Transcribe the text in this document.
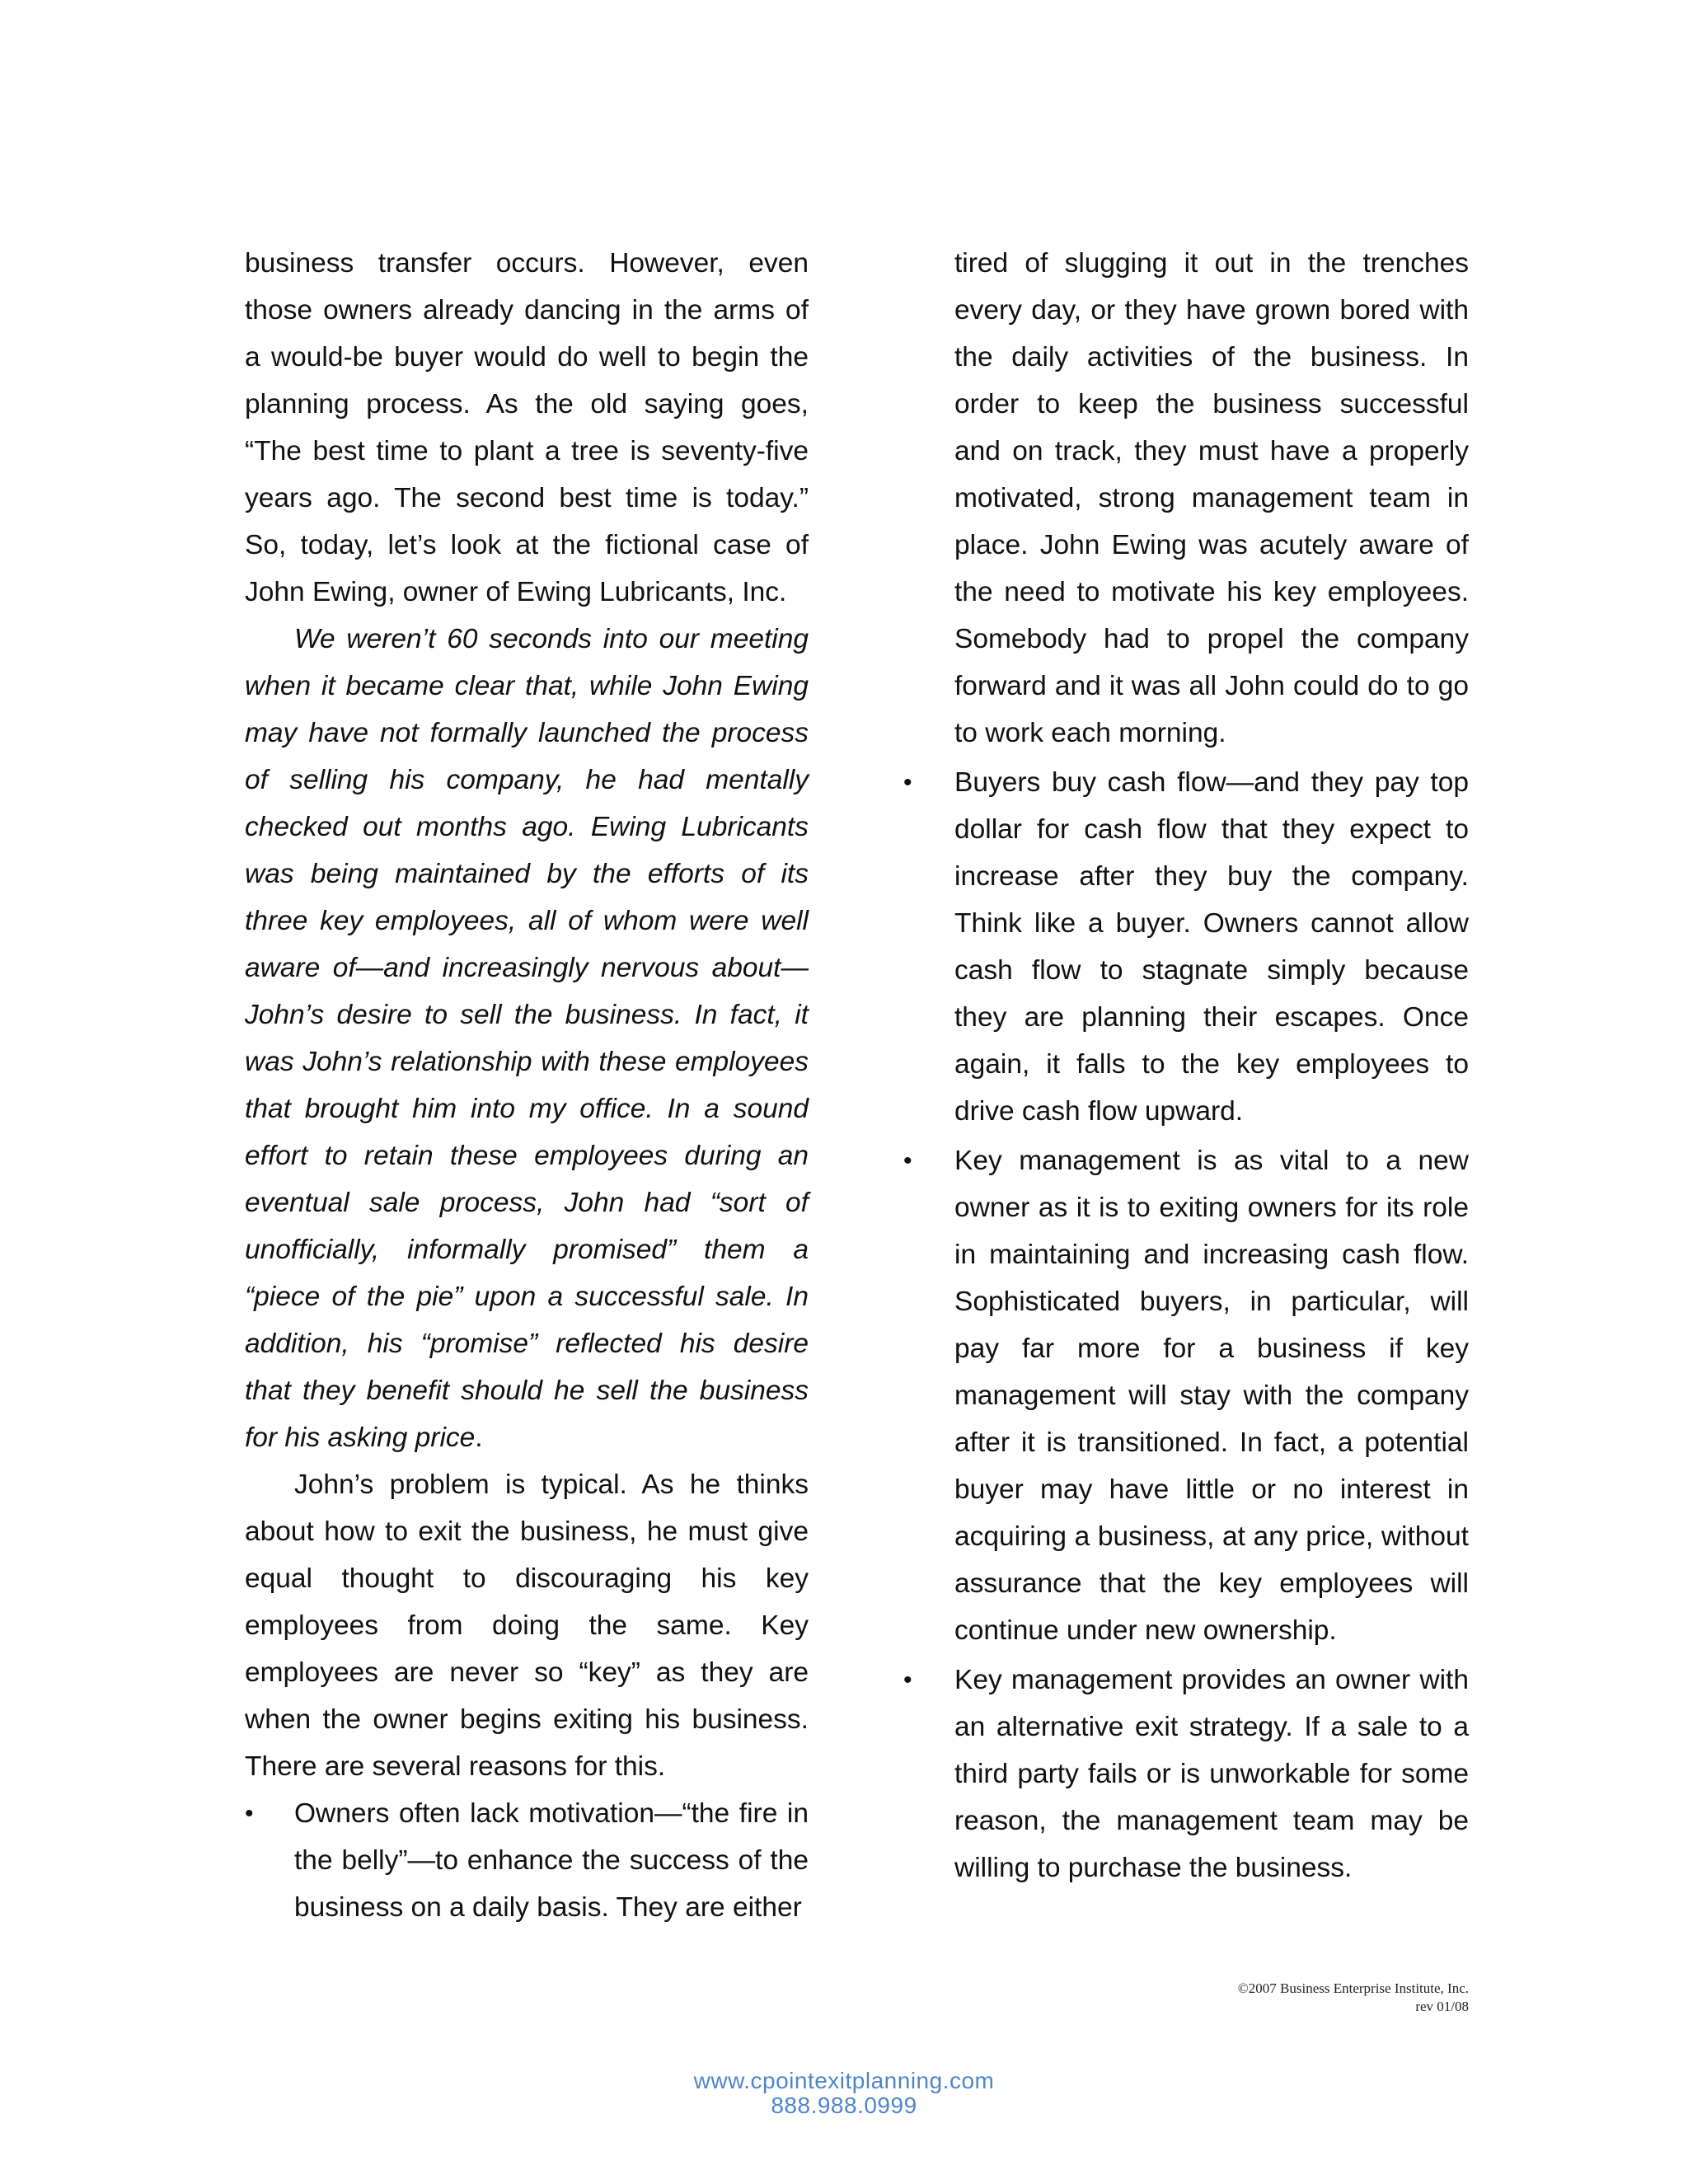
business transfer occurs. However, even those owners already dancing in the arms of a would-be buyer would do well to begin the planning process. As the old saying goes, “The best time to plant a tree is seventy-five years ago. The second best time is today.” So, today, let’s look at the fictional case of John Ewing, owner of Ewing Lubricants, Inc.

We weren’t 60 seconds into our meeting when it became clear that, while John Ewing may have not formally launched the process of selling his company, he had mentally checked out months ago. Ewing Lubricants was being maintained by the efforts of its three key employees, all of whom were well aware of—and increasingly nervous about—John’s desire to sell the business. In fact, it was John’s relationship with these employees that brought him into my office. In a sound effort to retain these employees during an eventual sale process, John had “sort of unofficially, informally promised” them a “piece of the pie” upon a successful sale. In addition, his “promise” reflected his desire that they benefit should he sell the business for his asking price.

John’s problem is typical. As he thinks about how to exit the business, he must give equal thought to discouraging his key employees from doing the same. Key employees are never so “key” as they are when the owner begins exiting his business. There are several reasons for this.

•	Owners often lack motivation—“the fire in the belly”—to enhance the success of the business on a daily basis. They are either

tired of slugging it out in the trenches every day, or they have grown bored with the daily activities of the business. In order to keep the business successful and on track, they must have a properly motivated, strong management team in place. John Ewing was acutely aware of the need to motivate his key employees. Somebody had to propel the company forward and it was all John could do to go to work each morning.

•	Buyers buy cash flow—and they pay top dollar for cash flow that they expect to increase after they buy the company. Think like a buyer. Owners cannot allow cash flow to stagnate simply because they are planning their escapes. Once again, it falls to the key employees to drive cash flow upward.
•	Key management is as vital to a new owner as it is to exiting owners for its role in maintaining and increasing cash flow. Sophisticated buyers, in particular, will pay far more for a business if key management will stay with the company after it is transitioned. In fact, a potential buyer may have little or no interest in acquiring a business, at any price, without assurance that the key employees will continue under new ownership.
•	Key management provides an owner with an alternative exit strategy. If a sale to a third party fails or is unworkable for some reason, the management team may be willing to purchase the business.
©2007 Business Enterprise Institute, Inc.
rev 01/08
www.cpointexitplanning.com
888.988.0999
